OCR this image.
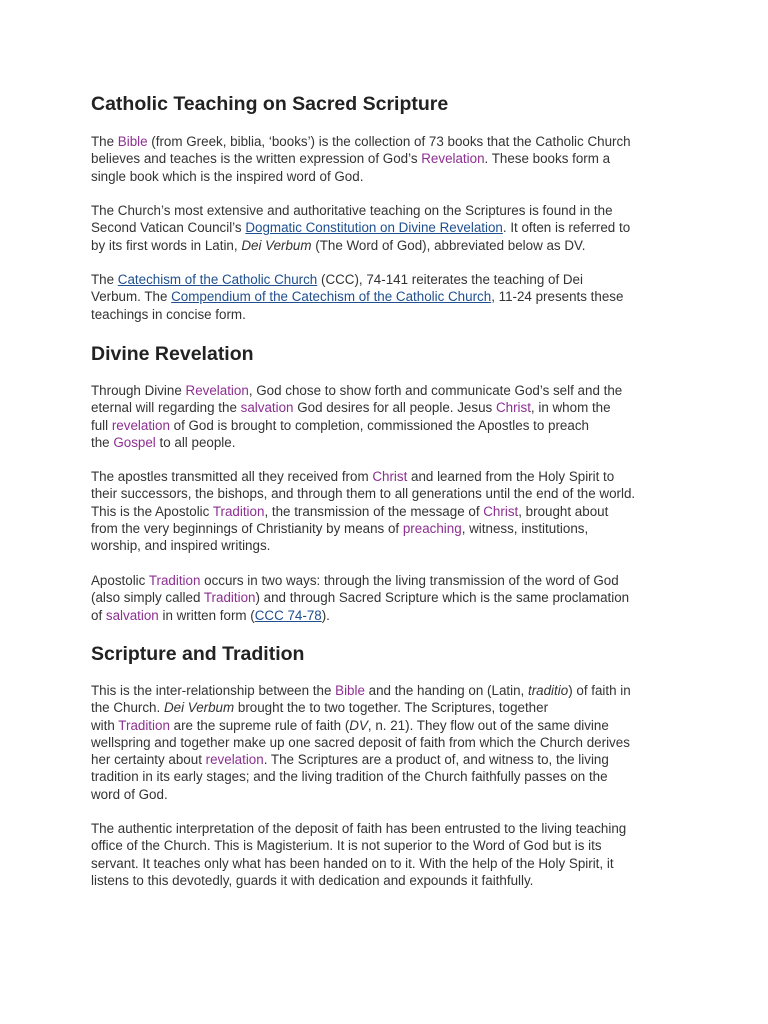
Catholic Teaching on Sacred Scripture

The Bible (from Greek, biblia, ‘books’) is the collection of 73 books that the Catholic Church
believes and teaches is the written expression of God’s Revelation. These books form a
single book which is the inspired word of God.

The Church’s most extensive and authoritative teaching on the Scriptures is found in the
Second Vatican Council’s Dogmatic Constitution on Divine Revelation. It often is referred to
by its first words in Latin, Dei Verbum (The Word of God), abbreviated below as DV.

The Catechism of the Catholic Church (CCC), 74-141 reiterates the teaching of Dei
Verbum. The Compendium of the Catechism of the Catholic Church, 11-24 presents these
teachings in concise form.

Divine Revelation

Through Divine Revelation, God chose to show forth and communicate God’s self and the
eternal will regarding the salvation God desires for all people. Jesus Christ, in whom the
full revelation of God is brought to completion, commissioned the Apostles to preach
the Gospel to all people.

The apostles transmitted all they received from Christ and learned from the Holy Spirit to
their successors, the bishops, and through them to all generations until the end of the world.
This is the Apostolic Tradition, the transmission of the message of Christ, brought about
from the very beginnings of Christianity by means of preaching, witness, institutions,
worship, and inspired writings.

Apostolic Tradition occurs in two ways: through the living transmission of the word of God
(also simply called Tradition) and through Sacred Scripture which is the same proclamation
of salvation in written form (CCC 74-78).

Scripture and Tradition

This is the inter-relationship between the Bible and the handing on (Latin, traditio) of faith in
the Church. Dei Verbum brought the to two together. The Scriptures, together
with Tradition are the supreme rule of faith (DV, n. 21). They flow out of the same divine
wellspring and together make up one sacred deposit of faith from which the Church derives
her certainty about revelation. The Scriptures are a product of, and witness to, the living
tradition in its early stages; and the living tradition of the Church faithfully passes on the
word of God.

The authentic interpretation of the deposit of faith has been entrusted to the living teaching
office of the Church. This is Magisterium. It is not superior to the Word of God but is its
servant. It teaches only what has been handed on to it. With the help of the Holy Spirit, it
listens to this devotedly, guards it with dedication and expounds it faithfully.
